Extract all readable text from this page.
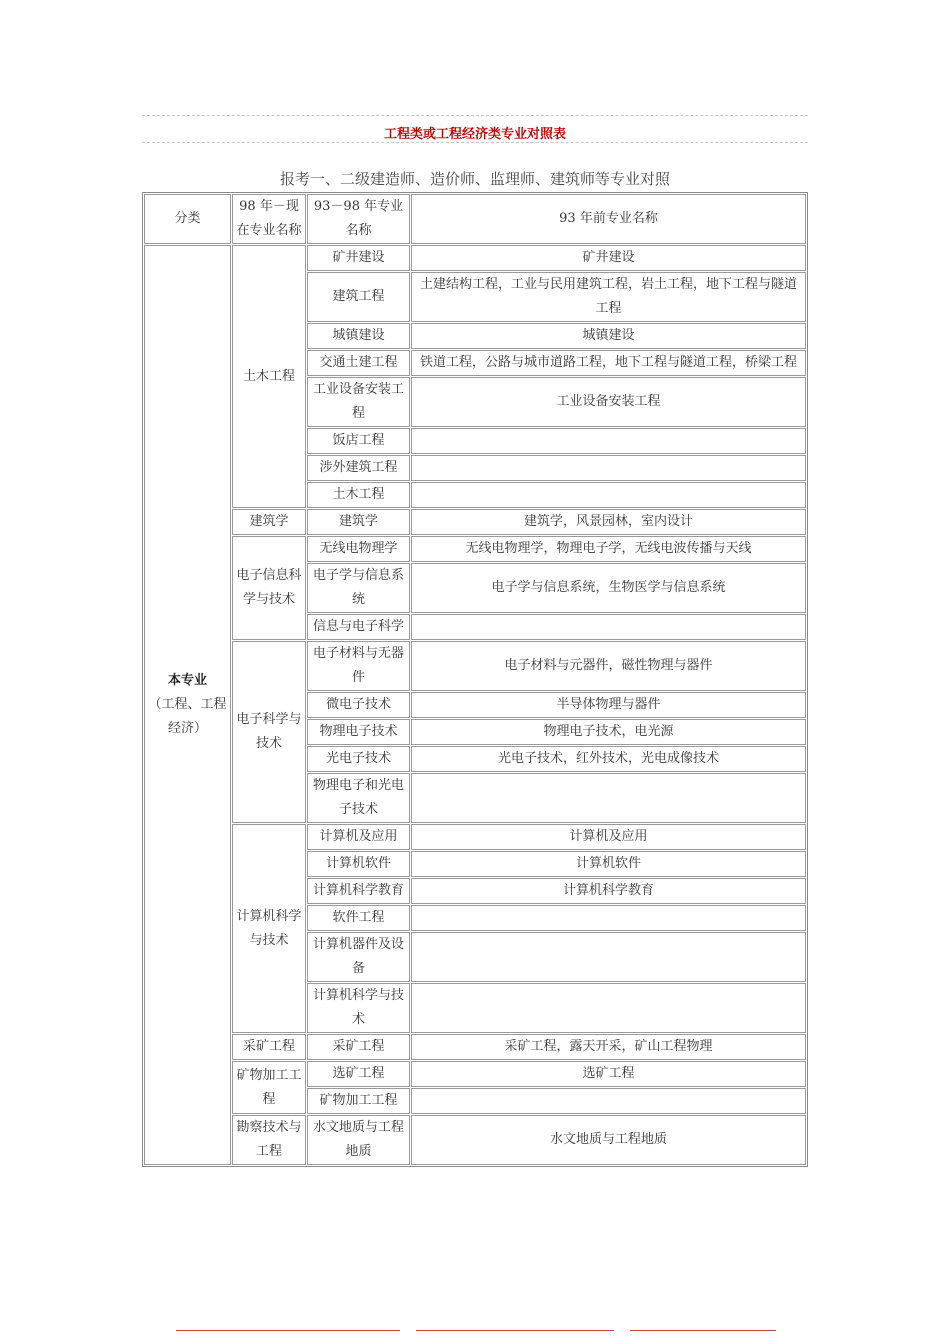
工程类或工程经济类专业对照表
报考一、二级建造师、造价师、监理师、建筑师等专业对照
分类	98 年－现在专业名称	93－98 年专业名称	93 年前专业名称

本专业
（工程、工程经济）	土木工程	矿井建设	矿井建设
		建筑工程	土建结构工程，工业与民用建筑工程，岩土工程，地下工程与隧道工程
		城镇建设	城镇建设
		交通土建工程	铁道工程，公路与城市道路工程，地下工程与隧道工程，桥梁工程
		工业设备安装工程	工业设备安装工程
		饭店工程	
		涉外建筑工程	
		土木工程	
	建筑学	建筑学	建筑学，风景园林，室内设计
	电子信息科学与技术	无线电物理学	无线电物理学，物理电子学，无线电波传播与天线
		电子学与信息系统	电子学与信息系统，生物医学与信息系统
		信息与电子科学	
	电子科学与技术	电子材料与无器件	电子材料与元器件，磁性物理与器件
		微电子技术	半导体物理与器件
		物理电子技术	物理电子技术，电光源
		光电子技术	光电子技术，红外技术，光电成像技术
		物理电子和光电子技术	
	计算机科学与技术	计算机及应用	计算机及应用
		计算机软件	计算机软件
		计算机科学教育	计算机科学教育
		软件工程	
		计算机器件及设备	
		计算机科学与技术	
	采矿工程	采矿工程	采矿工程，露天开采，矿山工程物理
	矿物加工工程	选矿工程	选矿工程
		矿物加工工程	
	勘察技术与工程	水文地质与工程地质	水文地质与工程地质
